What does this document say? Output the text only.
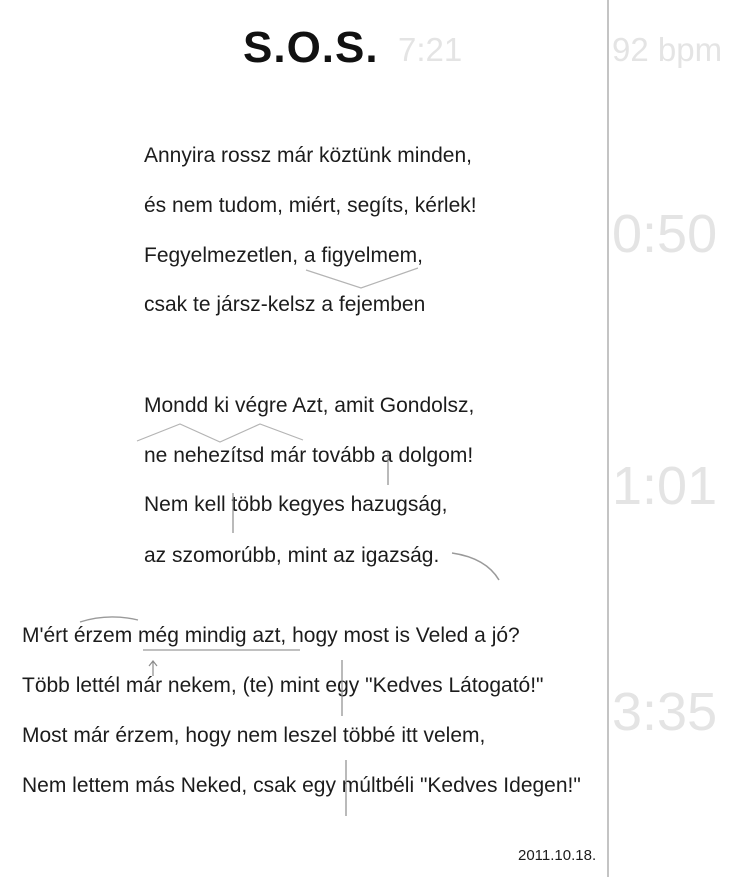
S.O.S. 7:21	92 bpm
0:50
1:01
3:35
Annyira rossz már köztünk minden,
és nem tudom, miért, segíts, kérlek!
Fegyelmezetlen, a figyelmem,
csak te jársz-kelsz a fejemben
Mondd ki végre Azt, amit Gondolsz,
ne nehezítsd már tovább a dolgom!
Nem kell több kegyes hazugság,
az szomorúbb, mint az igazság.
M'ért érzem még mindig azt, hogy most is Veled a jó?
Több lettél már nekem, (te) mint egy "Kedves Látogató!"
Most már érzem, hogy nem leszel többé itt velem,
Nem lettem más Neked, csak egy múltbéli "Kedves Idegen!"
2011.10.18.
